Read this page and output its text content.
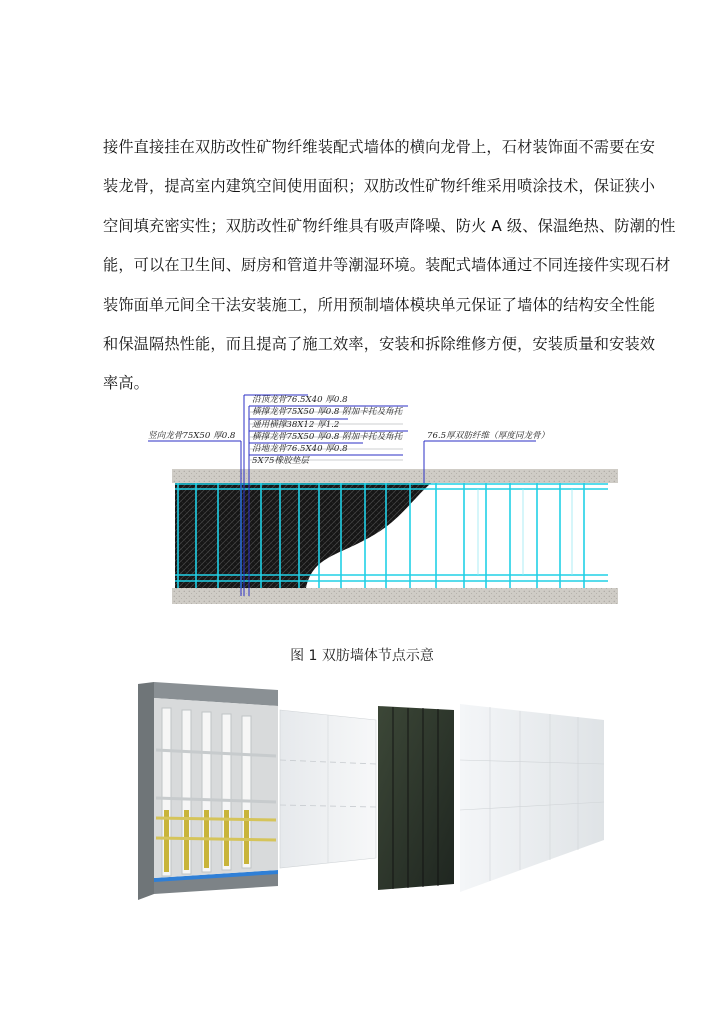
接件直接挂在双肪改性矿物纤维装配式墙体的横向龙骨上，石材装饰面不需要在安
装龙骨，提高室内建筑空间使用面积；双肪改性矿物纤维采用喷涂技术，保证狭小
空间填充密实性；双肪改性矿物纤维具有吸声降噪、防火 A 级、保温绝热、防潮的性
能，可以在卫生间、厨房和管道井等潮湿环境。装配式墙体通过不同连接件实现石材
装饰面单元间全干法安装施工，所用预制墙体模块单元保证了墙体的结构安全性能
和保温隔热性能，而且提高了施工效率，安装和拆除维修方便，安装质量和安装效
率高。

沿顶龙骨76.5X40 厚0.8
横撑龙骨75X50 厚0.8 附加卡托及角托
通用横撑38X12 厚1.2
横撑龙骨75X50 厚0.8 附加卡托及角托
沿地龙骨76.5X40 厚0.8
5X75橡胶垫层
竖向龙骨75X50 厚0.8	76.5厚双肪纤维（厚度同龙骨）

图 1 双肪墙体节点示意
